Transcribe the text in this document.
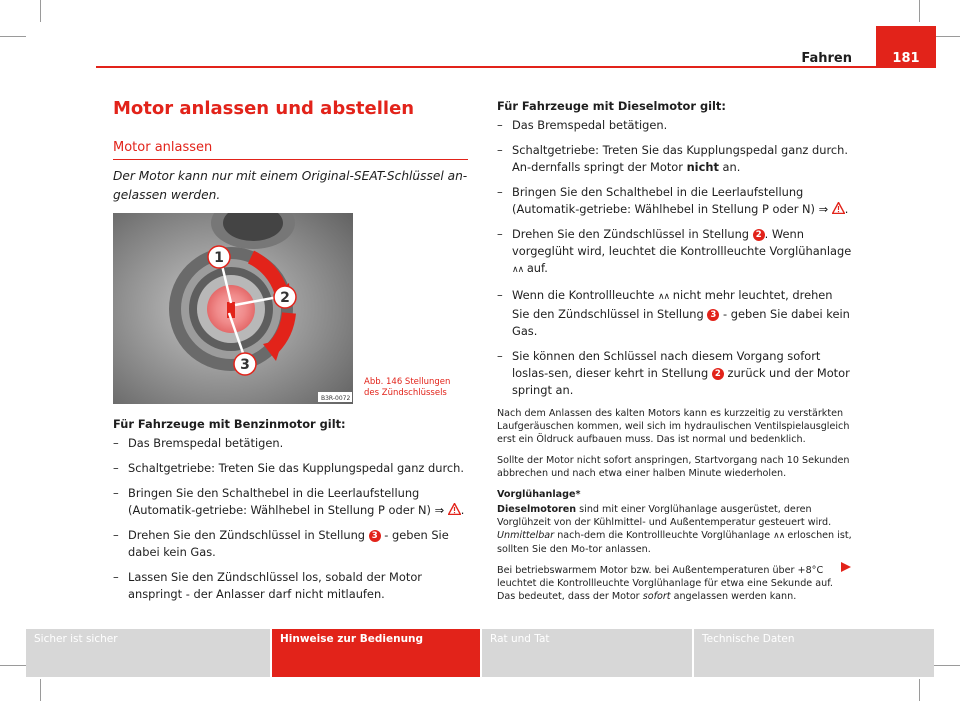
Fahren	181
Motor anlassen und abstellen
Motor anlassen
Der Motor kann nur mit einem Original-SEAT-Schlüssel an-gelassen werden.
1
2
3
B3R-0072
Abb. 146 Stellungen
des Zündschlüssels
Für Fahrzeuge mit Benzinmotor gilt:
– Das Bremspedal betätigen.
– Schaltgetriebe: Treten Sie das Kupplungspedal ganz durch.
– Bringen Sie den Schalthebel in die Leerlaufstellung (Automatik-getriebe: Wählhebel in Stellung P oder N) ⇒ .
– Drehen Sie den Zündschlüssel in Stellung 3 - geben Sie dabei kein Gas.
– Lassen Sie den Zündschlüssel los, sobald der Motor anspringt - der Anlasser darf nicht mitlaufen.
Für Fahrzeuge mit Dieselmotor gilt:
– Das Bremspedal betätigen.
– Schaltgetriebe: Treten Sie das Kupplungspedal ganz durch. An-dernfalls springt der Motor nicht an.
– Bringen Sie den Schalthebel in die Leerlaufstellung (Automatik-getriebe: Wählhebel in Stellung P oder N) ⇒ .
– Drehen Sie den Zündschlüssel in Stellung 2 . Wenn vorgeglüht wird, leuchtet die Kontrollleuchte Vorglühanlage ∧∧ auf.
– Wenn die Kontrollleuchte ∧∧ nicht mehr leuchtet, drehen Sie den Zündschlüssel in Stellung 3 - geben Sie dabei kein Gas.
– Sie können den Schlüssel nach diesem Vorgang sofort loslas-sen, dieser kehrt in Stellung 2 zurück und der Motor springt an.

Nach dem Anlassen des kalten Motors kann es kurzzeitig zu verstärkten Laufgeräuschen kommen, weil sich im hydraulischen Ventilspielausgleich erst ein Öldruck aufbauen muss. Das ist normal und bedenklich.

Sollte der Motor nicht sofort anspringen, Startvorgang nach 10 Sekunden abbrechen und nach etwa einer halben Minute wiederholen.

Vorglühanlage*

Dieselmotoren sind mit einer Vorglühanlage ausgerüstet, deren Vorglühzeit von der Kühlmittel- und Außentemperatur gesteuert wird. Unmittelbar nach-dem die Kontrollleuchte Vorglühanlage ∧∧ erloschen ist, sollten Sie den Mo-tor anlassen.

Bei betriebswarmem Motor bzw. bei Außentemperaturen über +8°C leuchtet die Kontrollleuchte Vorglühanlage für etwa eine Sekunde auf. Das bedeutet, dass der Motor sofort angelassen werden kann.

Sicher ist sicher	Hinweise zur Bedienung	Rat und Tat	Technische Daten
